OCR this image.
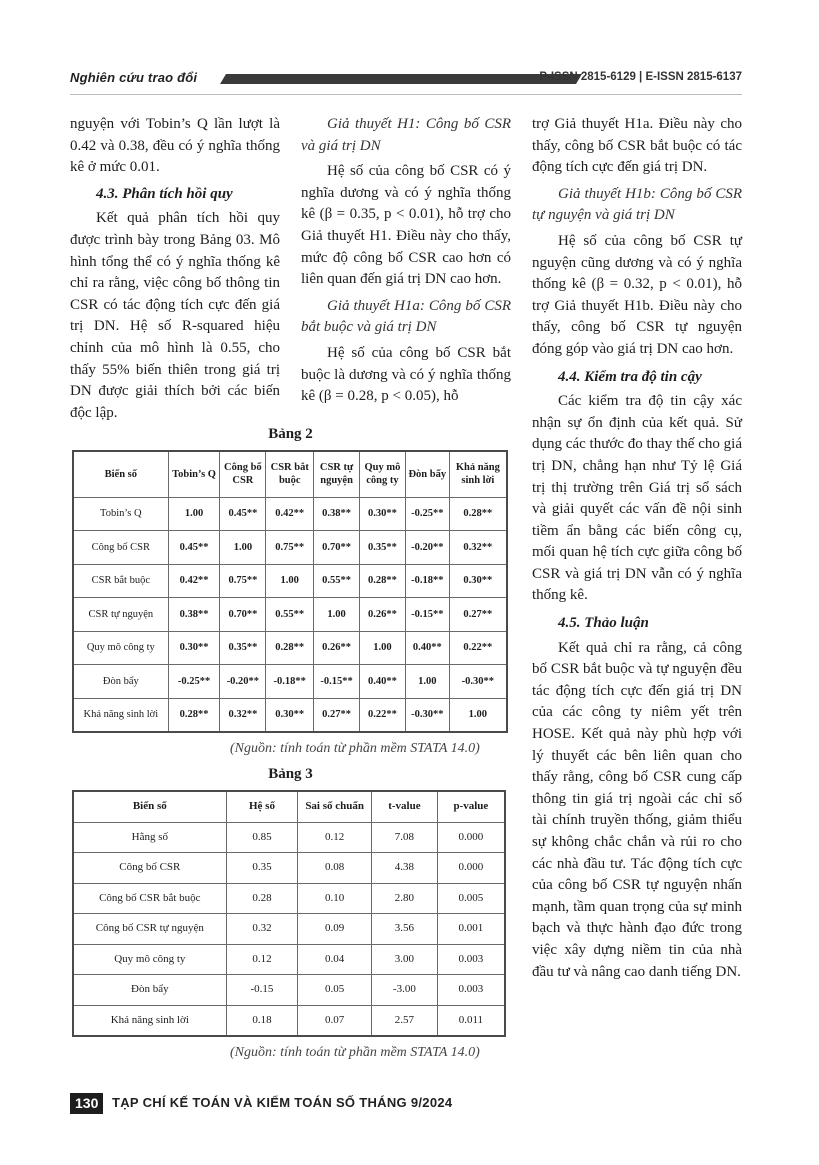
Nghiên cứu trao đổi	P-ISSN 2815-6129 | E-ISSN 2815-6137

nguyện với Tobin’s Q lần lượt là 0.42 và 0.38, đều có ý nghĩa thống kê ở mức 0.01.

4.3. Phân tích hồi quy

Kết quả phân tích hồi quy được trình bày trong Bảng 03. Mô hình tổng thể có ý nghĩa thống kê chỉ ra rằng, việc công bố thông tin CSR có tác động tích cực đến giá trị DN. Hệ số R-squared hiệu chỉnh của mô hình là 0.55, cho thấy 55% biến thiên trong giá trị DN được giải thích bởi các biến độc lập.

Giả thuyết H1: Công bố CSR và giá trị DN

Hệ số của công bố CSR có ý nghĩa dương và có ý nghĩa thống kê (β = 0.35, p < 0.01), hỗ trợ cho Giả thuyết H1. Điều này cho thấy, mức độ công bố CSR cao hơn có liên quan đến giá trị DN cao hơn.

Giả thuyết H1a: Công bố CSR bắt buộc và giá trị DN

Hệ số của công bố CSR bắt buộc là dương và có ý nghĩa thống kê (β = 0.28, p < 0.05), hỗ

trợ Giả thuyết H1a. Điều này cho thấy, công bố CSR bắt buộc có tác động tích cực đến giá trị DN.

Giả thuyết H1b: Công bố CSR tự nguyện và giá trị DN

Hệ số của công bố CSR tự nguyện cũng dương và có ý nghĩa thống kê (β = 0.32, p < 0.01), hỗ trợ Giả thuyết H1b. Điều này cho thấy, công bố CSR tự nguyện đóng góp vào giá trị DN cao hơn.

4.4. Kiểm tra độ tin cậy

Các kiểm tra độ tin cậy xác nhận sự ổn định của kết quả. Sử dụng các thước đo thay thế cho giá trị DN, chẳng hạn như Tỷ lệ Giá trị thị trường trên Giá trị sổ sách và giải quyết các vấn đề nội sinh tiềm ẩn bằng các biến công cụ, mối quan hệ tích cực giữa công bố CSR và giá trị DN vẫn có ý nghĩa thống kê.

4.5. Thảo luận

Kết quả chỉ ra rằng, cả công bố CSR bắt buộc và tự nguyện đều tác động tích cực đến giá trị DN của các công ty niêm yết trên HOSE. Kết quả này phù hợp với lý thuyết các bên liên quan cho thấy rằng, công bố CSR cung cấp thông tin giá trị ngoài các chỉ số tài chính truyền thống, giảm thiểu sự không chắc chắn và rủi ro cho các nhà đầu tư. Tác động tích cực của công bố CSR tự nguyện nhấn mạnh, tầm quan trọng của sự minh bạch và thực hành đạo đức trong việc xây dựng niềm tin của nhà đầu tư và nâng cao danh tiếng DN.

Bảng 2
Biến số	Tobin’s Q	Công bố CSR	CSR bắt buộc	CSR tự nguyện	Quy mô công ty	Đòn bẩy	Khả năng sinh lời
Tobin’s Q	1.00	0.45**	0.42**	0.38**	0.30**	-0.25**	0.28**
Công bố CSR	0.45**	1.00	0.75**	0.70**	0.35**	-0.20**	0.32**
CSR bắt buộc	0.42**	0.75**	1.00	0.55**	0.28**	-0.18**	0.30**
CSR tự nguyện	0.38**	0.70**	0.55**	1.00	0.26**	-0.15**	0.27**
Quy mô công ty	0.30**	0.35**	0.28**	0.26**	1.00	0.40**	0.22**
Đòn bẩy	-0.25**	-0.20**	-0.18**	-0.15**	0.40**	1.00	-0.30**
Khả năng sinh lời	0.28**	0.32**	0.30**	0.27**	0.22**	-0.30**	1.00
(Nguồn: tính toán từ phần mềm STATA 14.0)
Bảng 3
Biến số	Hệ số	Sai số chuẩn	t-value	p-value
Hằng số	0.85	0.12	7.08	0.000
Công bố CSR	0.35	0.08	4.38	0.000
Công bố CSR bắt buộc	0.28	0.10	2.80	0.005
Công bố CSR tự nguyện	0.32	0.09	3.56	0.001
Quy mô công ty	0.12	0.04	3.00	0.003
Đòn bẩy	-0.15	0.05	-3.00	0.003
Khả năng sinh lời	0.18	0.07	2.57	0.011
(Nguồn: tính toán từ phần mềm STATA 14.0)
130	TẠP CHÍ KẾ TOÁN VÀ KIỂM TOÁN SỐ THÁNG 9/2024
